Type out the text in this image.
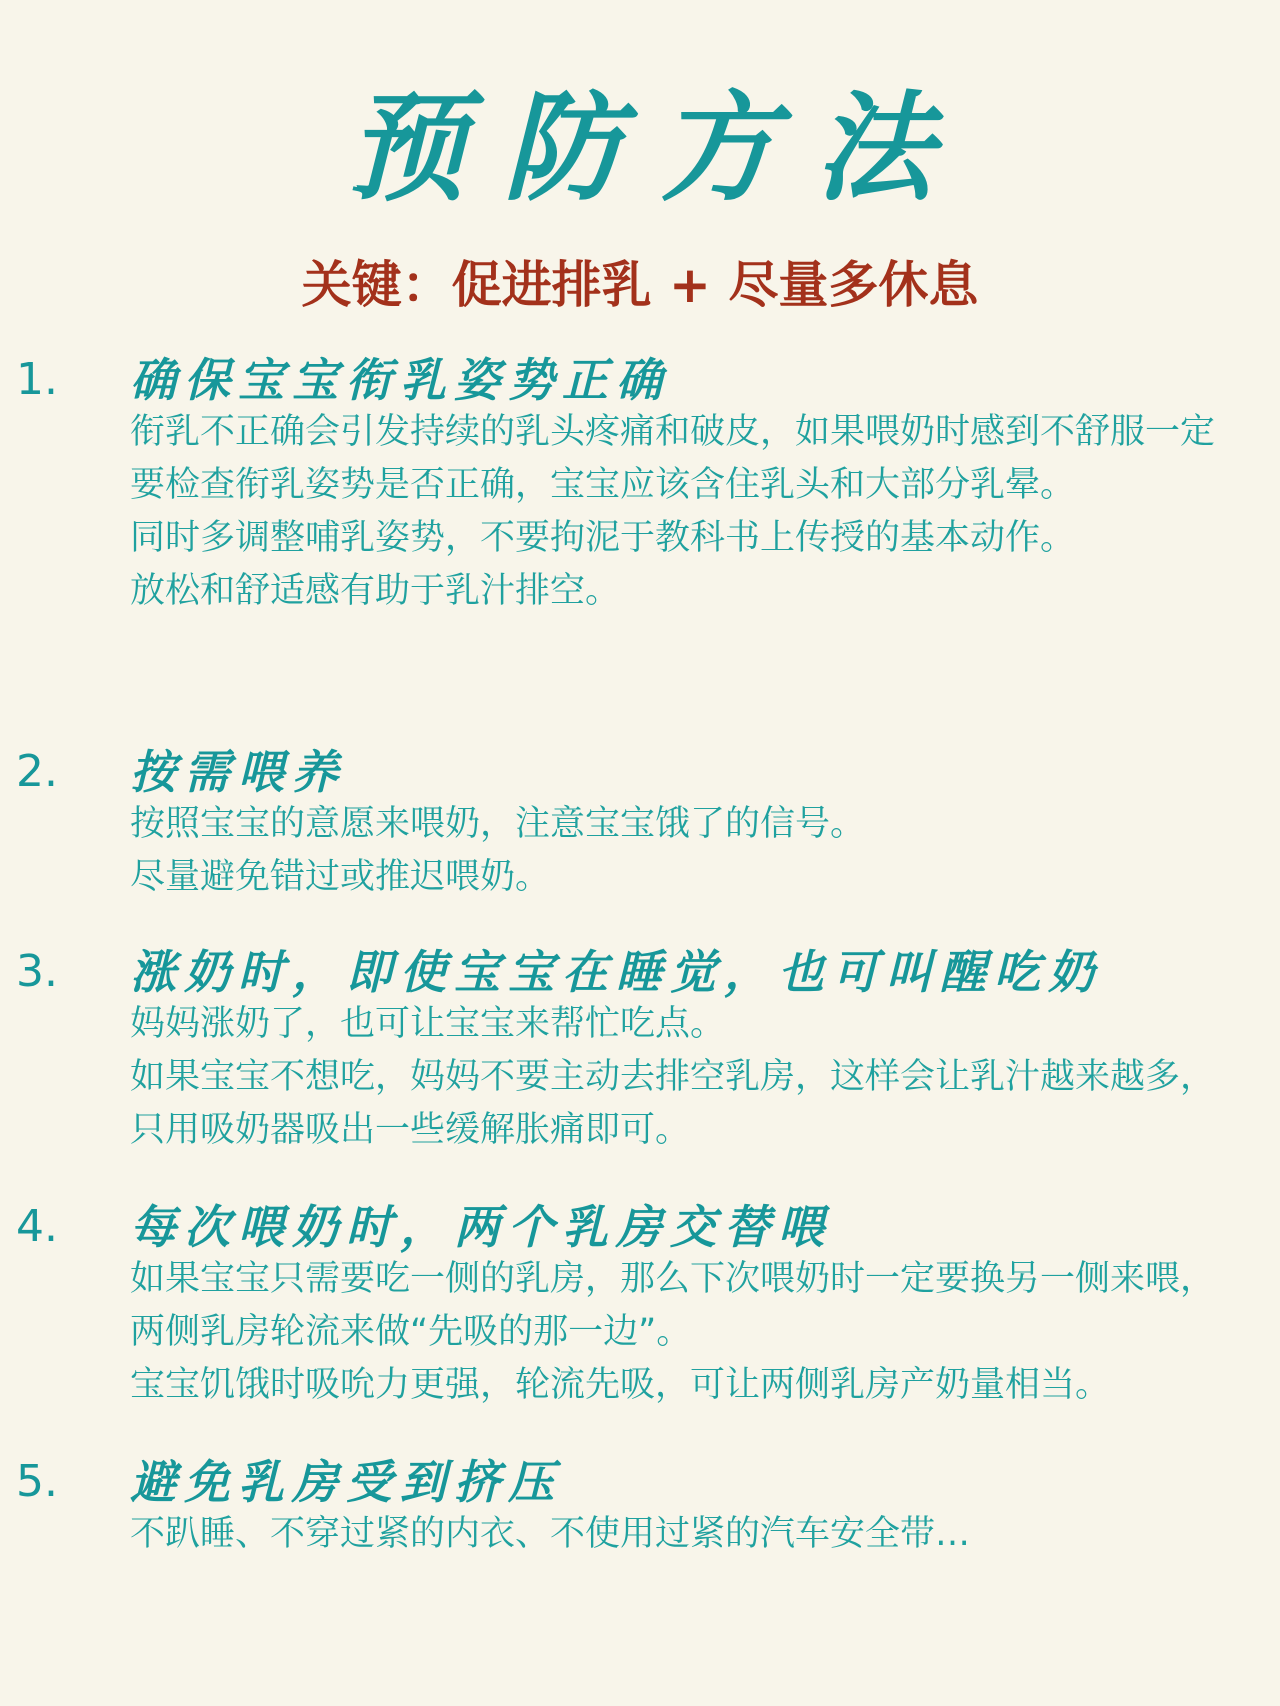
预防方法
关键：促进排乳 + 尽量多休息
1. 确保宝宝衔乳姿势正确

衔乳不正确会引发持续的乳头疼痛和破皮，如果喂奶时感到不舒服一定要检查衔乳姿势是否正确，宝宝应该含住乳头和大部分乳晕。

同时多调整哺乳姿势，不要拘泥于教科书上传授的基本动作。

放松和舒适感有助于乳汁排空。

2. 按需喂养

按照宝宝的意愿来喂奶，注意宝宝饿了的信号。

尽量避免错过或推迟喂奶。

3. 涨奶时，即使宝宝在睡觉，也可叫醒吃奶

妈妈涨奶了，也可让宝宝来帮忙吃点。

如果宝宝不想吃，妈妈不要主动去排空乳房，这样会让乳汁越来越多，只用吸奶器吸出一些缓解胀痛即可。

4. 每次喂奶时，两个乳房交替喂

如果宝宝只需要吃一侧的乳房，那么下次喂奶时一定要换另一侧来喂，两侧乳房轮流来做“先吸的那一边”。

宝宝饥饿时吸吮力更强，轮流先吸，可让两侧乳房产奶量相当。

5. 避免乳房受到挤压

不趴睡、不穿过紧的内衣、不使用过紧的汽车安全带…
